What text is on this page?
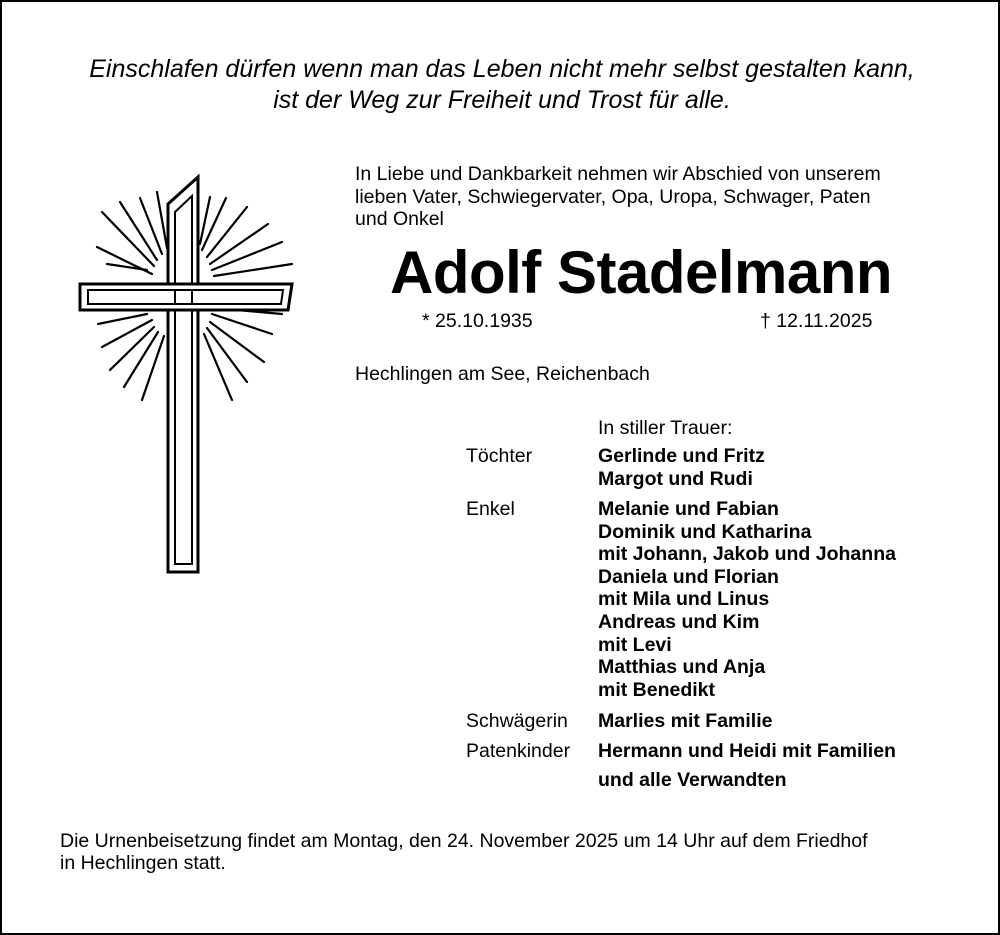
Einschlafen dürfen wenn man das Leben nicht mehr selbst gestalten kann,
ist der Weg zur Freiheit und Trost für alle.
In Liebe und Dankbarkeit nehmen wir Abschied von unserem
lieben Vater, Schwiegervater, Opa, Uropa, Schwager, Paten
und Onkel
Adolf Stadelmann
* 25.10.1935	† 12.11.2025
Hechlingen am See, Reichenbach
In stiller Trauer:
Töchter	Gerlinde und Fritz
Margot und Rudi
Enkel	Melanie und Fabian
Dominik und Katharina
mit Johann, Jakob und Johanna
Daniela und Florian
mit Mila und Linus
Andreas und Kim
mit Levi
Matthias und Anja
mit Benedikt
Schwägerin Marlies mit Familie
Patenkinder Hermann und Heidi mit Familien
und alle Verwandten
Die Urnenbeisetzung findet am Montag, den 24. November 2025 um 14 Uhr auf dem Friedhof
in Hechlingen statt.
